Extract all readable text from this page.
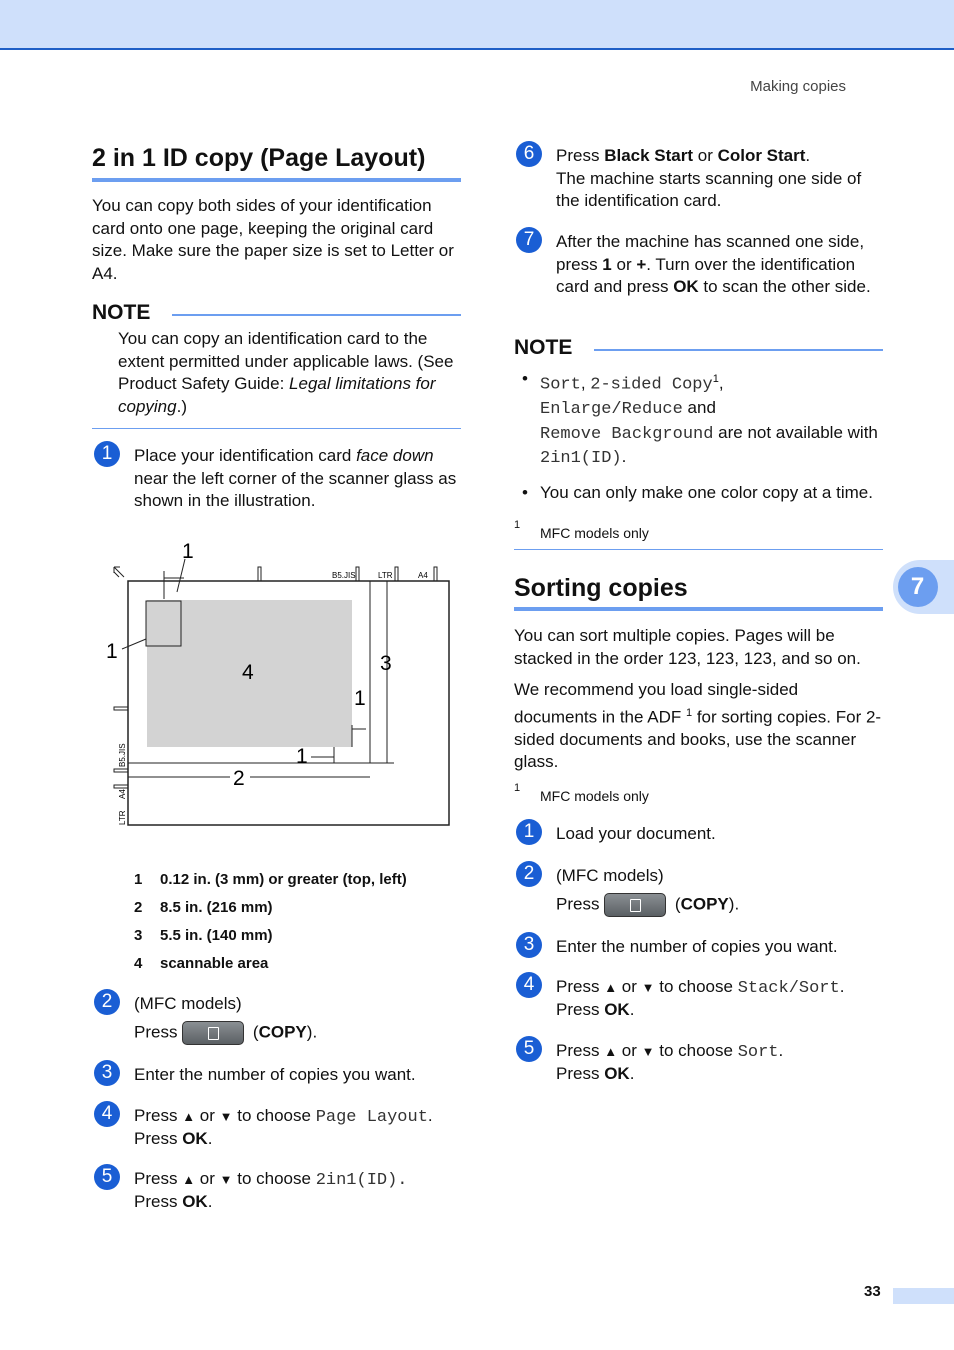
Making copies
2 in 1 ID copy (Page Layout)
You can copy both sides of your identification card onto one page, keeping the original card size. Make sure the paper size is set to Letter or A4.
NOTE
You can copy an identification card to the extent permitted under applicable laws. (See Product Safety Guide: Legal limitations for copying.)
1	Place your identification card face down near the left corner of the scanner glass as shown in the illustration.
1
1
4	3
1
1
2
B5.JIS	LTR	A4
B5.JIS
A4
LTR
1 0.12 in. (3 mm) or greater (top, left)
2 8.5 in. (216 mm)
3 5.5 in. (140 mm)
4 scannable area
2	(MFC models)
Press	(COPY).
3	Enter the number of copies you want.
4	Press ▲ or ▼ to choose Page Layout.
Press OK.
5	Press ▲ or ▼ to choose 2in1(ID).
Press OK.
6	Press Black Start or Color Start.
The machine starts scanning one side of the identification card.
7	After the machine has scanned one side, press 1 or +. Turn over the identification card and press OK to scan the other side.
NOTE
• Sort, 2-sided Copy$^1$,
Enlarge/Reduce and
Remove Background are not available with 2in1(ID).
• You can only make one color copy at a time.
1 MFC models only
Sorting copies
You can sort multiple copies. Pages will be stacked in the order 123, 123, 123, and so on.
We recommend you load single-sided documents in the ADF $^1$ for sorting copies. For 2-sided documents and books, use the scanner glass.
1 MFC models only
1	Load your document.
2	(MFC models)
Press	(COPY).
3	Enter the number of copies you want.
4	Press ▲ or ▼ to choose Stack/Sort.
Press OK.
5	Press ▲ or ▼ to choose Sort.
Press OK.
7
33
